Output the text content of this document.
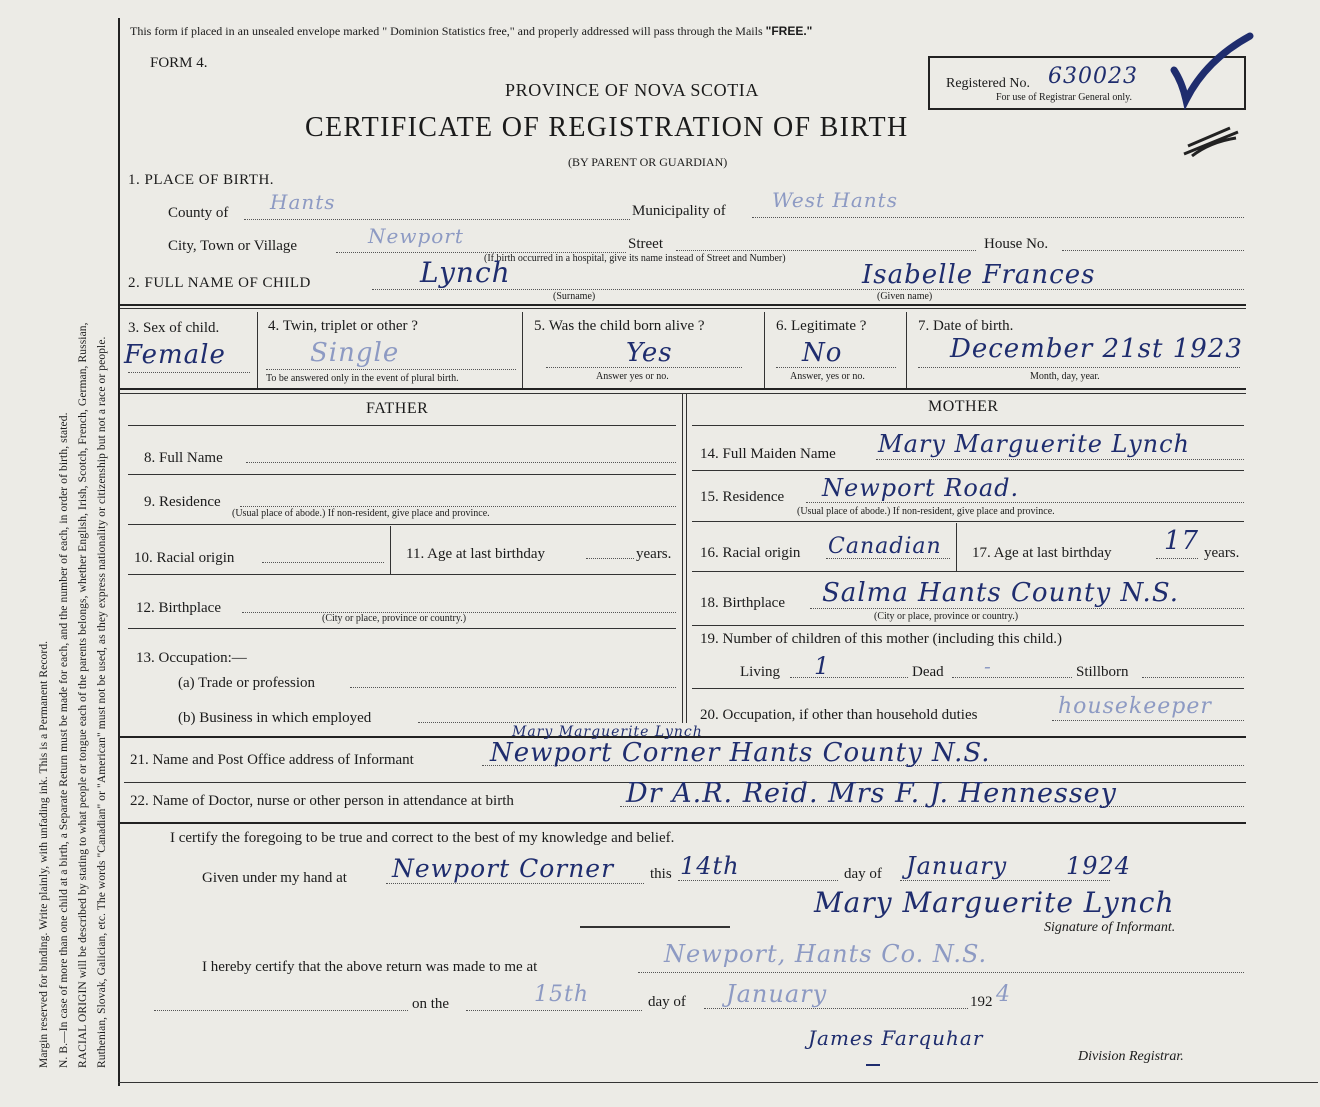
Margin reserved for binding. Write plainly, with unfading ink. This is a Permanent Record. N. B.—In case of more than one child at a birth, a Separate Return must be made for each, and the number of each, in order of birth, stated. RACIAL ORIGIN will be described by stating to what people or tongue each of the parents belongs, whether English, Irish, Scotch, French, German, Russian, Ruthenian, Slovak, Galician, etc. The words "Canadian" or "American" must not be used, as they express nationality or citizenship but not a race or people.
This form if placed in an unsealed envelope marked " Dominion Statistics free," and properly addressed will pass through the Mails "FREE."
FORM 4.
PROVINCE OF NOVA SCOTIA
CERTIFICATE OF REGISTRATION OF BIRTH
(BY PARENT OR GUARDIAN)
Registered No. 630023
For use of Registrar General only.
1. PLACE OF BIRTH.
County of Hants	Municipality of West Hants
City, Town or Village	Newport	Street	House No.
(If birth occurred in a hospital, give its name instead of Street and Number)
2. FULL NAME OF CHILD	Lynch
(Surname)
Isabelle Frances
(Given name)
3. Sex of child.
Female
4. Twin, triplet or other ?
Single
To be answered only in the event of plural birth.
5. Was the child born alive ?
Yes
Answer yes or no.
6. Legitimate ?
No
Answer, yes or no.
7. Date of birth.
December 21st 1923
Month, day, year.
FATHER	MOTHER
8. Full Name
9. Residence
(Usual place of abode.) If non-resident, give place and province.
10. Racial origin	11. Age at last birthday	years.
12. Birthplace
(City or place, province or country.)
13. Occupation:—
(a) Trade or profession
(b) Business in which employed
14. Full Maiden Name Mary Marguerite Lynch
15. Residence Newport Road.
(Usual place of abode.) If non-resident, give place and province.
16. Racial origin Canadian 17. Age at last birthday 17 years.
18. Birthplace Salma Hants County N.S.
(City or place, province or country.)
19. Number of children of this mother (including this child.)
Living 1	Dead -	Stillborn
20. Occupation, if other than household duties	housekeeper
21. Name and Post Office address of Informant
Mary Marguerite Lynch
Newport Corner Hants County N.S.
22. Name of Doctor, nurse or other person in attendance at birth	Dr A.R. Reid. Mrs F. J. Hennessey
I certify the foregoing to be true and correct to the best of my knowledge and belief.
Given under my hand at Newport Corner this 14th	day of January 1924
Mary Marguerite Lynch
Signature of Informant.
I hereby certify that the above return was made to me at	Newport, Hants Co. N.S.
on the	15th	day of January	192 4
James Farquhar
Division Registrar.
